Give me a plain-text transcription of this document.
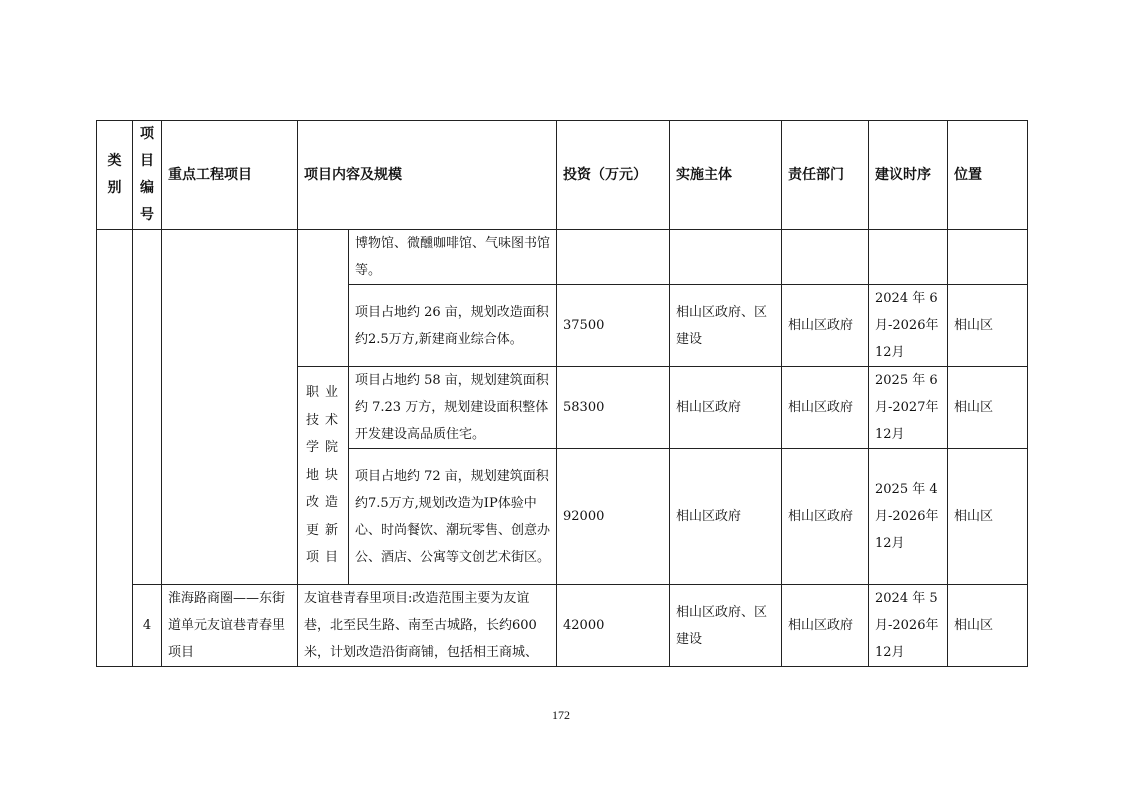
类别	项目编号	重点工程项目	项目内容及规模		投资（万元）	实施主体	责任部门	建议时序	位置
				博物馆、微醺咖啡馆、气味图书馆等。					
				项目占地约 26 亩，规划改造面积约2.5万方,新建商业综合体。	37500	相山区政府、区建设	相山区政府	2024 年 6 月-2026年 12月	相山区
			职业技术学院地块改造更新项目	项目占地约 58 亩，规划建筑面积约 7.23 万方，规划建设面积整体开发建设高品质住宅。	58300	相山区政府	相山区政府	2025 年 6 月-2027年 12月	相山区
				项目占地约 72 亩，规划建筑面积约7.5万方,规划改造为IP体验中心、时尚餐饮、潮玩零售、创意办公、酒店、公寓等文创艺术街区。	92000	相山区政府	相山区政府	2025 年 4 月-2026年 12月	相山区
	4	淮海路商圈——东街道单元友谊巷青春里项目	友谊巷青春里项目:改造范围主要为友谊巷，北至民生路、南至古城路，长约600米，计划改造沿街商铺，包括相王商城、		42000	相山区政府、区建设	相山区政府	2024 年 5 月-2026年 12月	相山区
172
